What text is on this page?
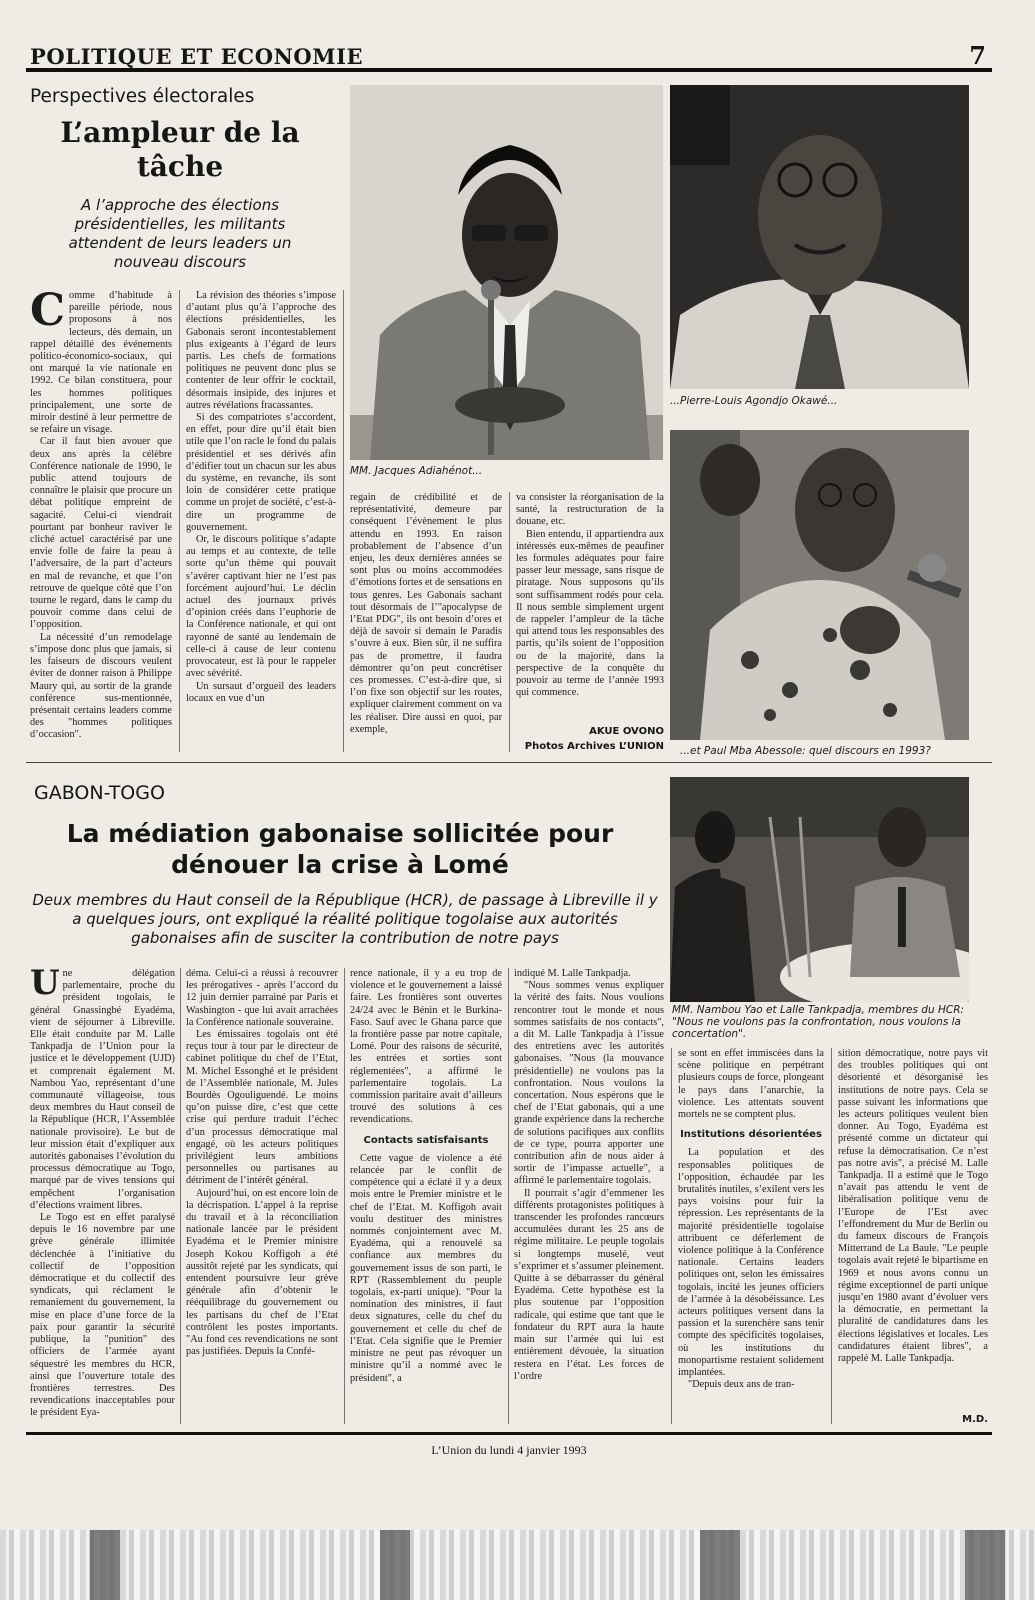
POLITIQUE ET ECONOMIE	7
Perspectives électorales
L’ampleur de la tâche
A l’approche des élections présidentielles, les militants attendent de leurs leaders un nouveau discours
C omme d’habitude à pareille période, nous proposons à nos lecteurs, dès demain, un rappel détaillé des événements politico-économico-sociaux, qui ont marqué la vie nationale en 1992. Ce bilan constituera, pour les hommes politiques principalement, une sorte de miroir destiné à leur permettre de se refaire un visage.

Car il faut bien avouer que deux ans après la célèbre Conférence nationale de 1990, le public attend toujours de connaître le plaisir que procure un débat politique empreint de sagacité. Celui-ci viendrait pourtant par bonheur raviver le cliché actuel caractérisé par une envie folle de faire la peau à l’adversaire, de la part d’acteurs en mal de revanche, et que l’on retrouve de quelque côté que l’on tourne le regard, dans le camp du pouvoir comme dans celui de l’opposition.

La nécessité d’un remodelage s’impose donc plus que jamais, si les faiseurs de discours veulent éviter de donner raison à Philippe Maury qui, au sortir de la grande conférence sus-mentionnée, présentait certains leaders comme des "hommes politiques d’occasion".

La révision des théories s’impose d’autant plus qu’à l’approche des élections présidentielles, les Gabonais seront incontestablement plus exigeants à l’égard de leurs partis. Les chefs de formations politiques ne peuvent donc plus se contenter de leur offrir le cocktail, désormais insipide, des injures et autres révélations fracassantes.

Si des compatriotes s’accordent, en effet, pour dire qu’il était bien utile que l’on racle le fond du palais présidentiel et ses dérivés afin d’édifier tout un chacun sur les abus du système, en revanche, ils sont loin de considérer cette pratique comme un projet de société, c’est-à-dire un programme de gouvernement.

Or, le discours politique s’adapte au temps et au contexte, de telle sorte qu’un thème qui pouvait s’avérer captivant hier ne l’est pas forcément aujourd’hui. Le déclin actuel des journaux privés d’opinion créés dans l’euphorie de la Conférence nationale, et qui ont rayonné de santé au lendemain de celle-ci à cause de leur contenu provocateur, est là pour le rappeler avec sévérité.

Un sursaut d’orgueil des leaders locaux en vue d’un

regain de crédibilité et de représentativité, demeure par conséquent l’évènement le plus attendu en 1993. En raison probablement de l’absence d’un enjeu, les deux dernières années se sont plus ou moins accommodées d’émotions fortes et de sensations en tous genres. Les Gabonais sachant tout désormais de l’"apocalypse de l’Etat PDG", ils ont besoin d’ores et déjà de savoir si demain le Paradis s’ouvre à eux. Bien sûr, il ne suffira pas de promettre, il faudra démontrer qu’on peut concrétiser ces promesses. C’est-à-dire que, si l’on fixe son objectif sur les routes, expliquer clairement comment on va les réaliser. Dire aussi en quoi, par exemple,
va consister la réorganisation de la santé, la restructuration de la douane, etc.

Bien entendu, il appartiendra aux intéressés eux-mêmes de peaufiner les formules adéquates pour faire passer leur message, sans risque de piratage. Nous supposons qu’ils sont suffisamment rodés pour cela. Il nous semble simplement urgent de rappeler l’ampleur de la tâche qui attend tous les responsables des partis, qu’ils soient de l’opposition ou de la majorité, dans la perspective de la conquête du pouvoir au terme de l’année 1993 qui commence.

AKUE OVONO
Photos Archives L’UNION
MM. Jacques Adiahénot...
...Pierre-Louis Agondjo Okawé...
...et Paul Mba Abessole: quel discours en 1993?
GABON-TOGO
La médiation gabonaise sollicitée pour dénouer la crise à Lomé
Deux membres du Haut conseil de la République (HCR), de passage à Libreville il y a quelques jours, ont expliqué la réalité politique togolaise aux autorités gabonaises afin de susciter la contribution de notre pays
MM. Nambou Yao et Lalle Tankpadja, membres du HCR: "Nous ne voulons pas la confrontation, nous voulons la concertation".
U ne délégation parlementaire, proche du président togolais, le général Gnassingbé Eyadéma, vient de séjourner à Libreville. Elle était conduite par M. Lalle Tankpadja de l’Union pour la justice et le développement (UJD) et comprenait également M. Nambou Yao, représentant d’une communauté villageoise, tous deux membres du Haut conseil de la République (HCR, l’Assemblée nationale provisoire). Le but de leur mission était d’expliquer aux autorités gabonaises l’évolution du processus démocratique au Togo, marqué par de vives tensions qui empêchent l’organisation d’élections vraiment libres.

Le Togo est en effet paralysé depuis le 16 novembre par une grève générale illimitée déclenchée à l’initiative du collectif de l’opposition démocratique et du collectif des syndicats, qui réclament le remaniement du gouvernement, la mise en place d’une force de la paix pour garantir la sécurité publique, la "punition" des officiers de l’armée ayant séquestré les membres du HCR, ainsi que l’ouverture totale des frontières terrestres. Des revendications inacceptables pour le président Eya-

déma. Celui-ci a réussi à recouvrer les prérogatives - après l’accord du 12 juin dernier parrainé par Paris et Washington - que lui avait arrachées la Conférence nationale souveraine.

Les émissaires togolais ont été reçus tour à tour par le directeur de cabinet politique du chef de l’Etat, M. Michel Essonghé et le président de l’Assemblée nationale, M. Jules Bourdès Ogouliguendé. Le moins qu’on puisse dire, c’est que cette crise qui perdure traduit l’échec d’un processus démocratique mal engagé, où les acteurs politiques privilégient leurs ambitions personnelles ou partisanes au détriment de l’intérêt général.

Aujourd’hui, on est encore loin de la décrispation. L’appel à la reprise du travail et à la réconciliation nationale lancée par le président Eyadéma et le Premier ministre Joseph Kokou Koffigoh a été aussitôt rejeté par les syndicats, qui entendent poursuivre leur grève générale afin d’obtenir le rééquilibrage du gouvernement ou les partisans du chef de l’Etat contrôlent les postes importants. "Au fond ces revendications ne sont pas justifiées. Depuis la Confé-

rence nationale, il y a eu trop de violence et le gouvernement a laissé faire. Les frontières sont ouvertes 24/24 avec le Bénin et le Burkina-Faso. Sauf avec le Ghana parce que la frontière passe par notre capitale, Lomé. Pour des raisons de sécurité, les entrées et sorties sont réglementées", a affirmé le parlementaire togolais. La commission paritaire avait d’ailleurs trouvé des solutions à ces revendications.
Contacts satisfaisants

Cette vague de violence a été relancée par le conflit de compétence qui a éclaté il y a deux mois entre le Premier ministre et le chef de l’Etat. M. Koffigoh avait voulu destituer des ministres nommés conjointement avec M. Eyadéma, qui a renouvelé sa confiance aux membres du gouvernement issus de son parti, le RPT (Rassemblement du peuple togolais, ex-parti unique). "Pour la nomination des ministres, il faut deux signatures, celle du chef du gouvernement et celle du chef de l’Etat. Cela signifie que le Premier ministre ne peut pas révoquer un ministre qu’il a nommé avec le président", a

indiqué M. Lalle Tankpadja.

"Nous sommes venus expliquer la vérité des faits. Nous voulions rencontrer tout le monde et nous sommes satisfaits de nos contacts", a dit M. Lalle Tankpadja à l’issue des entretiens avec les autorités gabonaises. "Nous (la mouvance présidentielle) ne voulons pas la confrontation. Nous voulons la concertation. Nous espérons que le chef de l’Etat gabonais, qui a une grande expérience dans la recherche de solutions pacifiques aux conflits de ce type, pourra apporter une contribution afin de nous aider à sortir de l’impasse actuelle", a affirmé le parlementaire togolais.

Il pourrait s’agir d’emmener les différents protagonistes politiques à transcender les profondes rancœurs accumulées durant les 25 ans de régime militaire. Le peuple togolais si longtemps muselé, veut s’exprimer et s’assumer pleinement. Quitte à se débarrasser du général Eyadéma. Cette hypothèse est la plus soutenue par l’opposition radicale, qui estime que tant que le fondateur du RPT aura la haute main sur l’armée qui lui est entièrement dévouée, la situation restera en l’état. Les forces de l’ordre

se sont en effet immiscées dans la scène politique en perpétrant plusieurs coups de force, plongeant le pays dans l’anarchie, la violence. Les attentats souvent mortels ne se comptent plus.
Institutions désorientées

La population et des responsables politiques de l’opposition, échaudée par les brutalités inutiles, s’exilent vers les pays voisins pour fuir la répression. Les représentants de la majorité présidentielle togolaise attribuent ce déferlement de violence politique à la Conférence nationale. Certains leaders politiques ont, selon les émissaires togolais, incité les jeunes officiers de l’armée à la désobéissance. Les acteurs politiques versent dans la passion et la surenchère sans tenir compte des spécificités togolaises, où les institutions du monopartisme restaient solidement implantées.

"Depuis deux ans de tran-

sition démocratique, notre pays vit des troubles politiques qui ont désorienté et désorganisé les institutions de notre pays. Cela se passe suivant les informations que les acteurs politiques veulent bien donner. Au Togo, Eyadéma est présenté comme un dictateur qui refuse la démocratisation. Ce n’est pas notre avis", a précisé M. Lalle Tankpadja. Il a estimé que le Togo n’avait pas attendu le vent de libéralisation politique venu de l’Europe de l’Est avec l’effondrement du Mur de Berlin ou du fameux discours de François Mitterrand de La Baule. "Le peuple togolais avait rejeté le bipartisme en 1969 et nous avons connu un régime exceptionnel de parti unique jusqu’en 1980 avant d’évoluer vers la démocratie, en permettant la pluralité de candidatures dans les élections législatives et locales. Les candidatures étaient libres", a rappelé M. Lalle Tankpadja.
M.D.
L’Union du lundi 4 janvier 1993
